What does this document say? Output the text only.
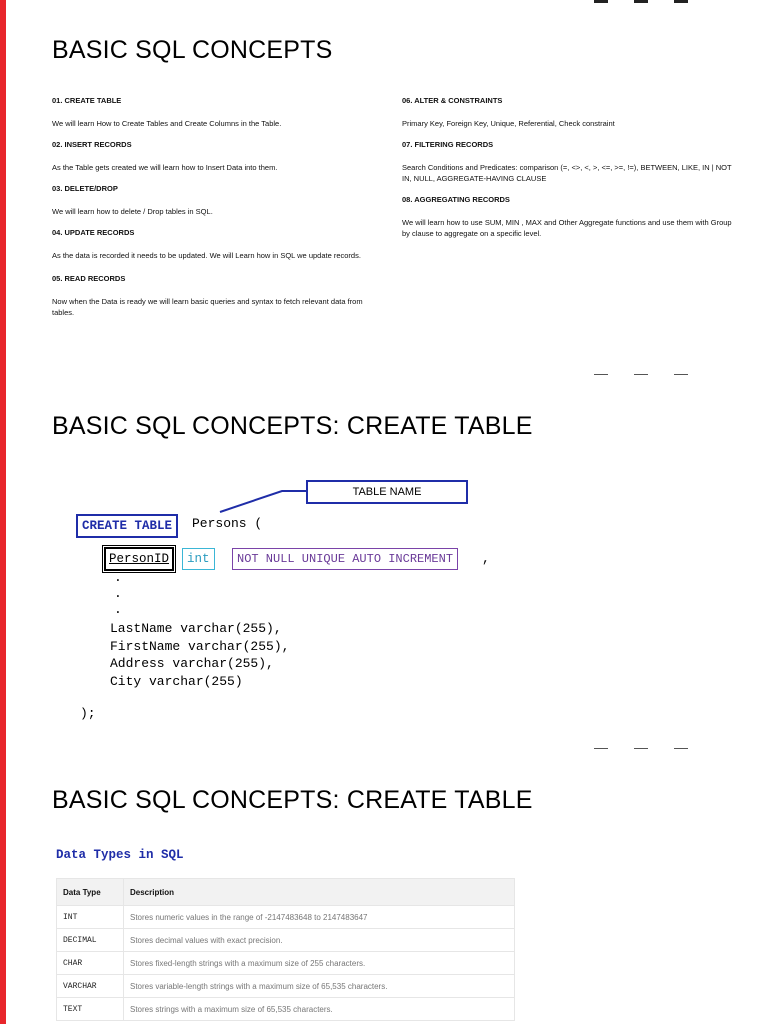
BASIC SQL CONCEPTS
01. CREATE TABLE
We will learn How to Create Tables and Create Columns in the Table.
02. INSERT RECORDS
As the Table gets created we will learn how to Insert Data into them.
03. DELETE/DROP
We will learn how to delete / Drop tables in SQL.
04. UPDATE RECORDS
As the data is recorded it needs to be updated. We will Learn how in SQL we update records.
05. READ RECORDS
Now when the Data is ready we will learn basic queries and syntax to fetch relevant data from tables.
06. ALTER & CONSTRAINTS
Primary Key, Foreign Key, Unique, Referential, Check constraint
07. FILTERING RECORDS
Search Conditions and Predicates: comparison (=, <>, <, >, <=, >=, !=), BETWEEN, LIKE, IN | NOT IN, NULL, AGGREGATE-HAVING CLAUSE
08. AGGREGATING RECORDS
We will learn how to use SUM, MIN , MAX and Other Aggregate functions and use them with Group by clause to aggregate on a specific level.
BASIC SQL CONCEPTS: CREATE TABLE
TABLE NAME
CREATE TABLE	Persons (
PersonID	int	NOT NULL UNIQUE AUTO INCREMENT	,
.
.
.
LastName varchar(255),
FirstName varchar(255),
Address varchar(255),
City varchar(255)
);
BASIC SQL CONCEPTS: CREATE TABLE
Data Types in SQL
Data Type	Description
INT	Stores numeric values in the range of -2147483648 to 2147483647
DECIMAL	Stores decimal values with exact precision.
CHAR	Stores fixed-length strings with a maximum size of 255 characters.
VARCHAR	Stores variable-length strings with a maximum size of 65,535 characters.
TEXT	Stores strings with a maximum size of 65,535 characters.
